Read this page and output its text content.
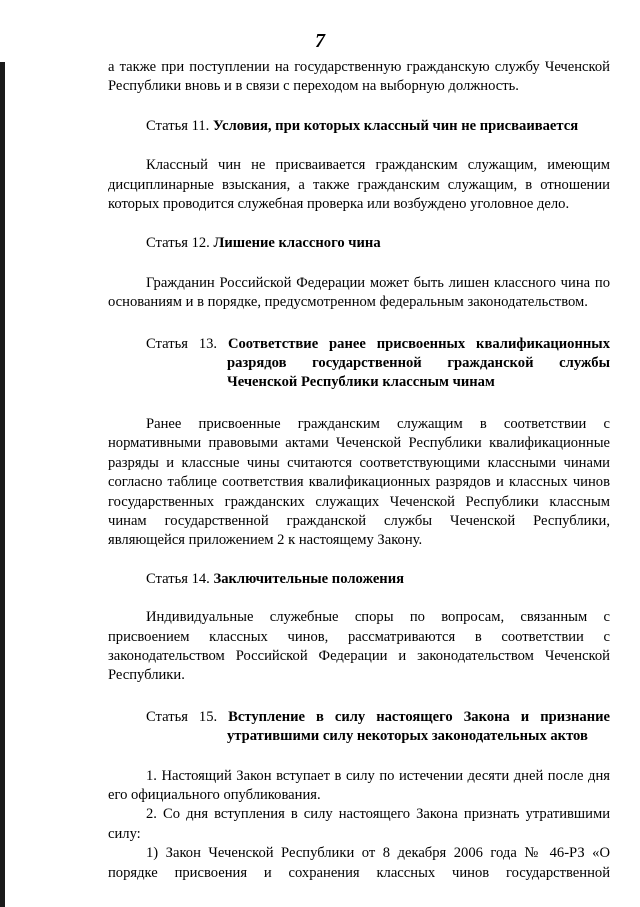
7

а также при поступлении на государственную гражданскую службу Чеченской Республики вновь и в связи с переходом на выборную должность.

Статья 11. Условия, при которых классный чин не присваивается

Классный чин не присваивается гражданским служащим, имеющим дисциплинарные взыскания, а также гражданским служащим, в отношении которых проводится служебная проверка или возбуждено уголовное дело.

Статья 12. Лишение классного чина

Гражданин Российской Федерации может быть лишен классного чина по основаниям и в порядке, предусмотренном федеральным законодательством.

Статья 13. Соответствие ранее присвоенных квалификационных разрядов государственной гражданской службы Чеченской Республики классным чинам

Ранее присвоенные гражданским служащим в соответствии с нормативными правовыми актами Чеченской Республики квалификационные разряды и классные чины считаются соответствующими классными чинами согласно таблице соответствия квалификационных разрядов и классных чинов государственных гражданских служащих Чеченской Республики классным чинам государственной гражданской службы Чеченской Республики, являющейся приложением 2 к настоящему Закону.

Статья 14. Заключительные положения

Индивидуальные служебные споры по вопросам, связанным с присвоением классных чинов, рассматриваются в соответствии с законодательством Российской Федерации и законодательством Чеченской Республики.

Статья 15. Вступление в силу настоящего Закона и признание утратившими силу некоторых законодательных актов

1. Настоящий Закон вступает в силу по истечении десяти дней после дня его официального опубликования.

2. Со дня вступления в силу настоящего Закона признать утратившими силу:

1) Закон Чеченской Республики от 8 декабря 2006 года № 46-РЗ «О порядке присвоения и сохранения классных чинов государственной
